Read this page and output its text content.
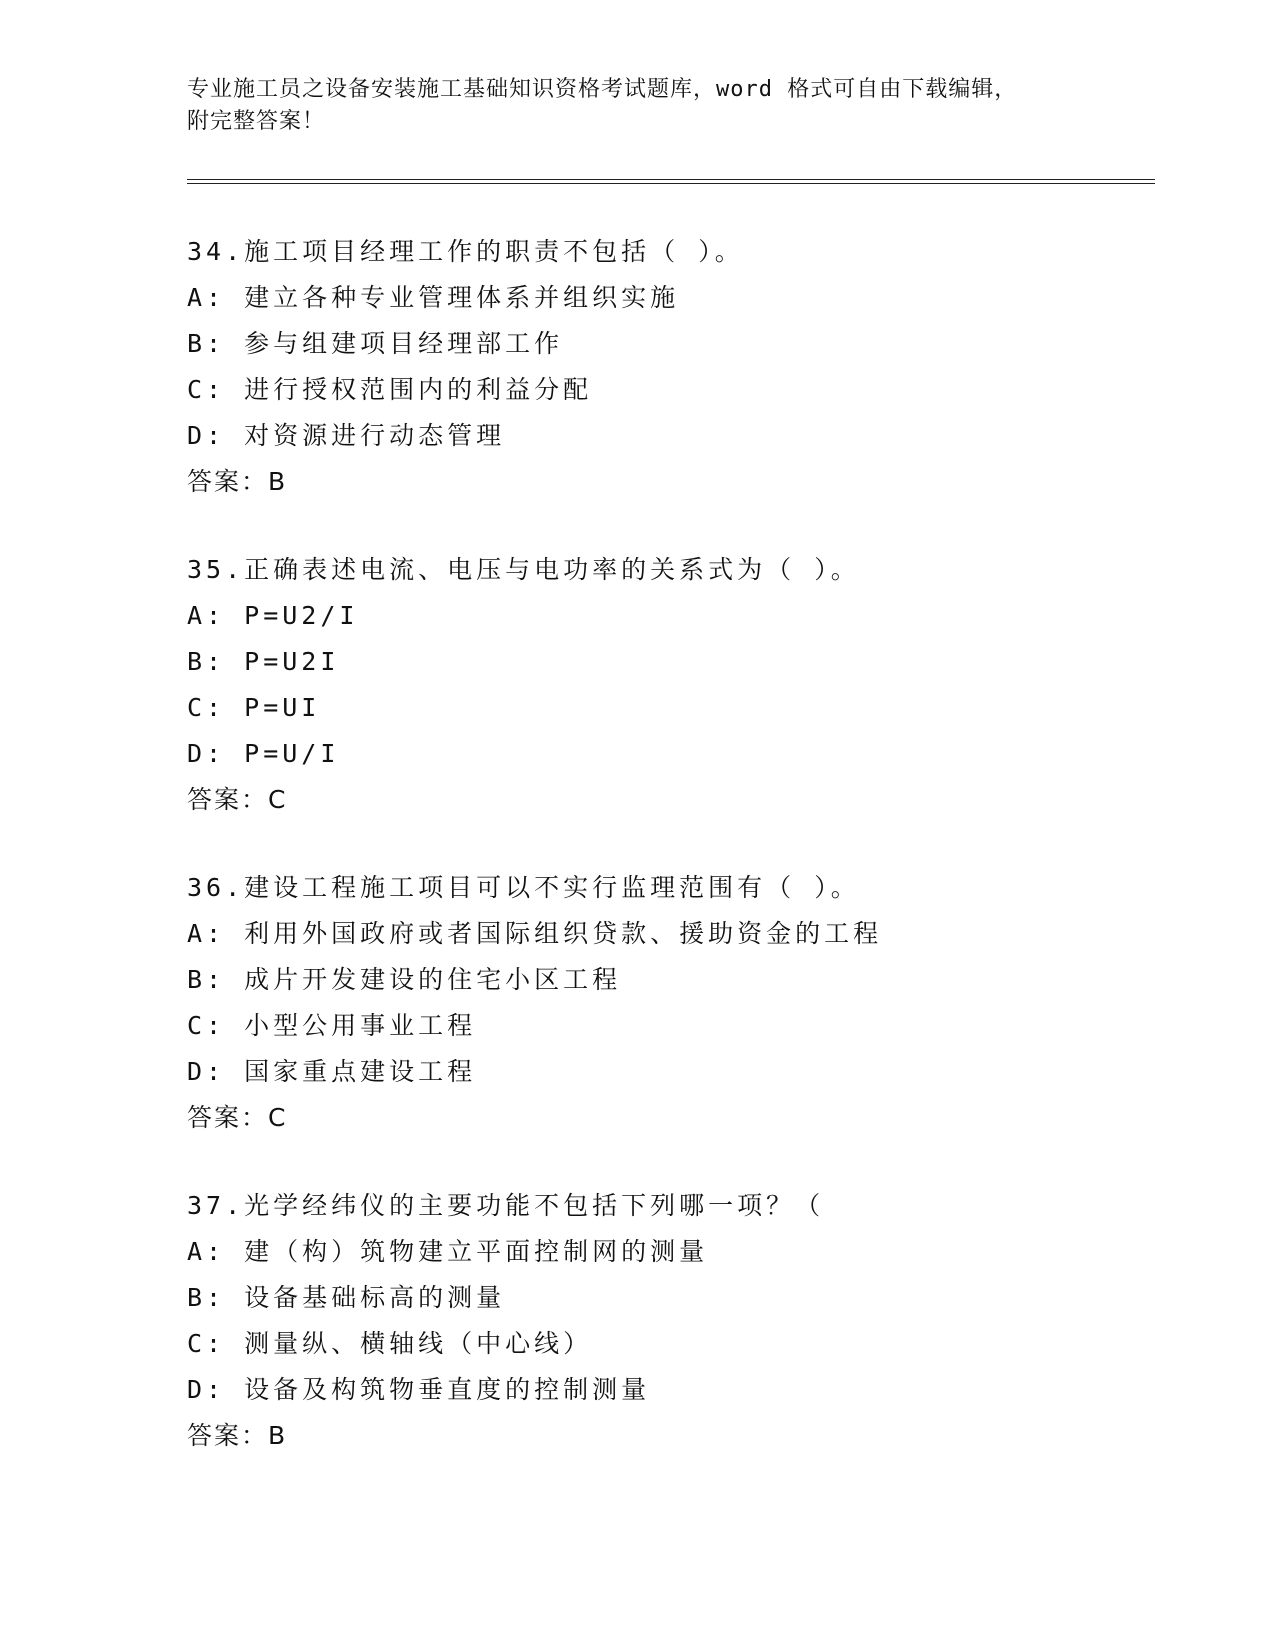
专业施工员之设备安装施工基础知识资格考试题库，word 格式可自由下载编辑，
附完整答案！
34.施工项目经理工作的职责不包括（ ）。
A: 建立各种专业管理体系并组织实施
B: 参与组建项目经理部工作
C: 进行授权范围内的利益分配
D: 对资源进行动态管理
答案：B
35.正确表述电流、电压与电功率的关系式为（ ）。
A: P=U2/I
B: P=U2I
C: P=UI
D: P=U/I
答案：C
36.建设工程施工项目可以不实行监理范围有（ ）。
A: 利用外国政府或者国际组织贷款、援助资金的工程
B: 成片开发建设的住宅小区工程
C: 小型公用事业工程
D: 国家重点建设工程
答案：C
37.光学经纬仪的主要功能不包括下列哪一项？（
A: 建（构）筑物建立平面控制网的测量
B: 设备基础标高的测量
C: 测量纵、横轴线（中心线）
D: 设备及构筑物垂直度的控制测量
答案：B
